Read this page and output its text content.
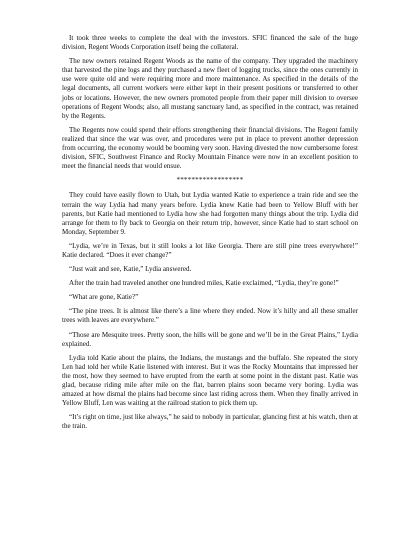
It took three weeks to complete the deal with the investors. SFIC financed the sale of the huge division, Regent Woods Corporation itself being the collateral.

The new owners retained Regent Woods as the name of the company. They upgraded the machinery that harvested the pine logs and they purchased a new fleet of logging trucks, since the ones currently in use were quite old and were requiring more and more maintenance. As specified in the details of the legal documents, all current workers were either kept in their present positions or transferred to other jobs or locations. However, the new owners promoted people from their paper mill division to oversee operations of Regent Woods; also, all mustang sanctuary land, as specified in the contract, was retained by the Regents.

The Regents now could spend their efforts strengthening their financial divisions. The Regent family realized that since the war was over, and procedures were put in place to prevent another depression from occurring, the economy would be booming very soon. Having divested the now cumbersome forest division, SFIC, Southwest Finance and Rocky Mountain Finance were now in an excellent position to meet the financial needs that would ensue.

******************

They could have easily flown to Utah, but Lydia wanted Katie to experience a train ride and see the terrain the way Lydia had many years before. Lydia knew Katie had been to Yellow Bluff with her parents, but Katie had mentioned to Lydia how she had forgotten many things about the trip. Lydia did arrange for them to fly back to Georgia on their return trip, however, since Katie had to start school on Monday, September 9.

“Lydia, we’re in Texas, but it still looks a lot like Georgia. There are still pine trees everywhere!” Katie declared. “Does it ever change?”

“Just wait and see, Katie,” Lydia answered.

After the train had traveled another one hundred miles, Katie exclaimed, “Lydia, they’re gone!”

“What are gone, Katie?”

“The pine trees. It is almost like there’s a line where they ended. Now it’s hilly and all these smaller trees with leaves are everywhere.”

“Those are Mesquite trees. Pretty soon, the hills will be gone and we’ll be in the Great Plains,” Lydia explained.

Lydia told Katie about the plains, the Indians, the mustangs and the buffalo. She repeated the story Len had told her while Katie listened with interest. But it was the Rocky Mountains that impressed her the most, how they seemed to have erupted from the earth at some point in the distant past. Katie was glad, because riding mile after mile on the flat, barren plains soon became very boring. Lydia was amazed at how dismal the plains had become since last riding across them. When they finally arrived in Yellow Bluff, Len was waiting at the railroad station to pick them up.

“It’s right on time, just like always,” he said to nobody in particular, glancing first at his watch, then at the train.
